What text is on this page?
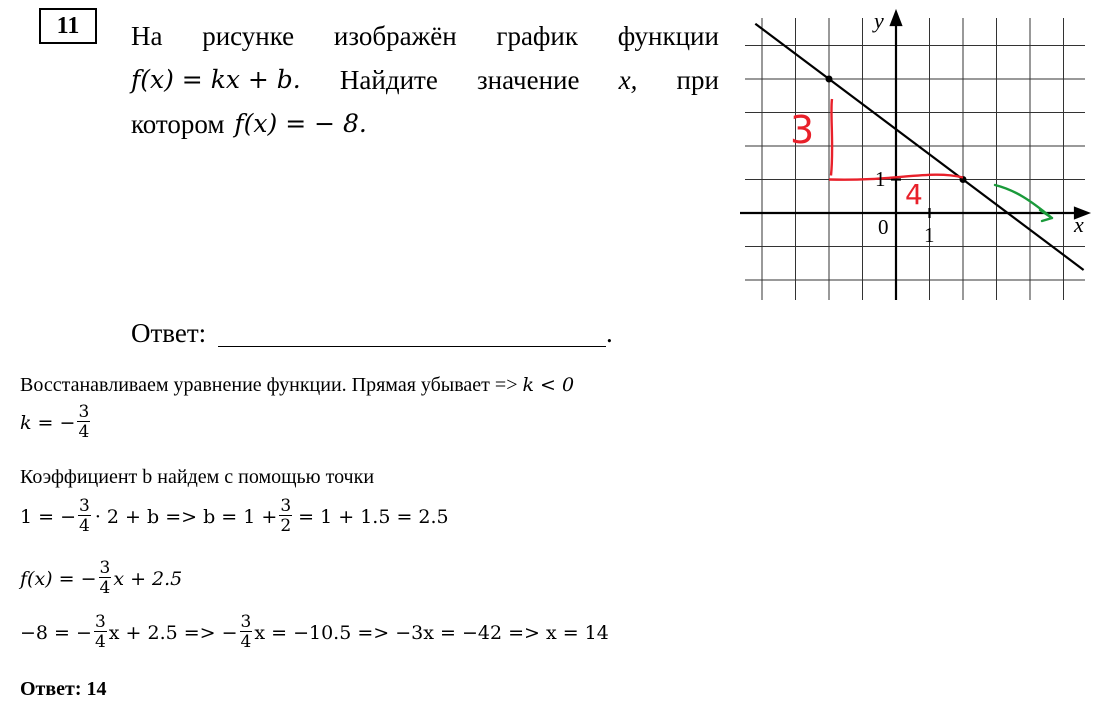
11	На рисунке изображён график функции
f(x) = kx + b. Найдите значение x, при
котором f(x) = − 8.
Ответ:	.
3
4
x
y
0 1
1
Восстанавливаем уравнение функции. Прямая убывает => k < 0
k = − $\frac{3}{4}$
Коэффициент b найдем с помощью точки
1 = − $\frac{3}{4} \cdot 2 + b => b = 1 + \frac{3}{2} = 1 + 1.5 = 2.5$
f(x) = − $\frac{3}{4}$ x + 2.5
−8 = − $\frac{3}{4}$ x + 2.5 => − $\frac{3}{4}$ x = −10.5 => −3x = −42 => x = 14
Ответ: 14
